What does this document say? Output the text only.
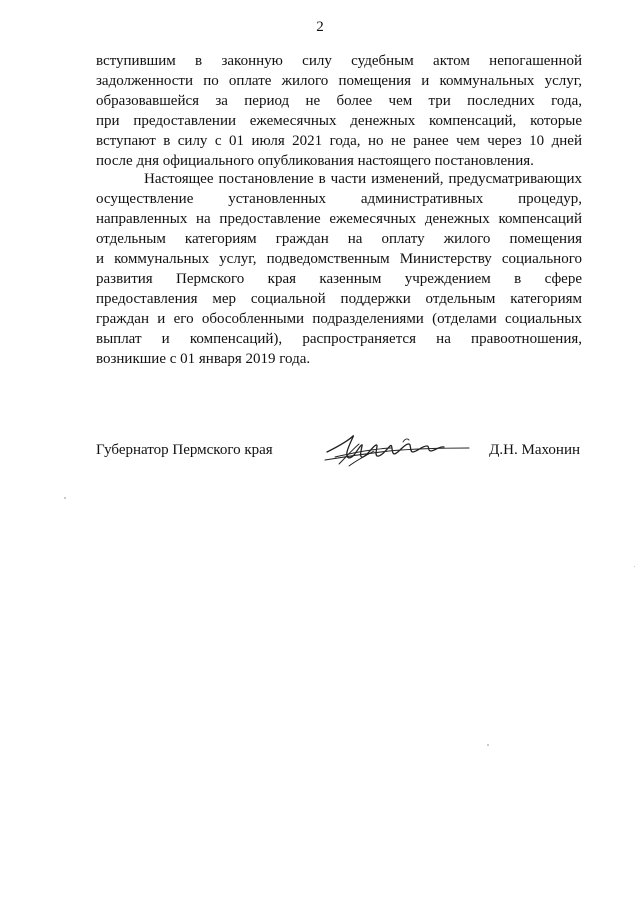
2
вступившим в законную силу судебным актом непогашенной
задолженности по оплате жилого помещения и коммунальных услуг,
образовавшейся за период не более чем три последних года,
при предоставлении ежемесячных денежных компенсаций, которые
вступают в силу с 01 июля 2021 года, но не ранее чем через 10 дней
после дня официального опубликования настоящего постановления.
Настоящее постановление в части изменений, предусматривающих
осуществление установленных административных процедур,
направленных на предоставление ежемесячных денежных компенсаций
отдельным категориям граждан на оплату жилого помещения
и коммунальных услуг, подведомственным Министерству социального
развития Пермского края казенным учреждением в сфере
предоставления мер социальной поддержки отдельным категориям
граждан и его обособленными подразделениями (отделами социальных
выплат и компенсаций), распространяется на правоотношения,
возникшие с 01 января 2019 года.
Губернатор Пермского края	Д.Н. Махонин
